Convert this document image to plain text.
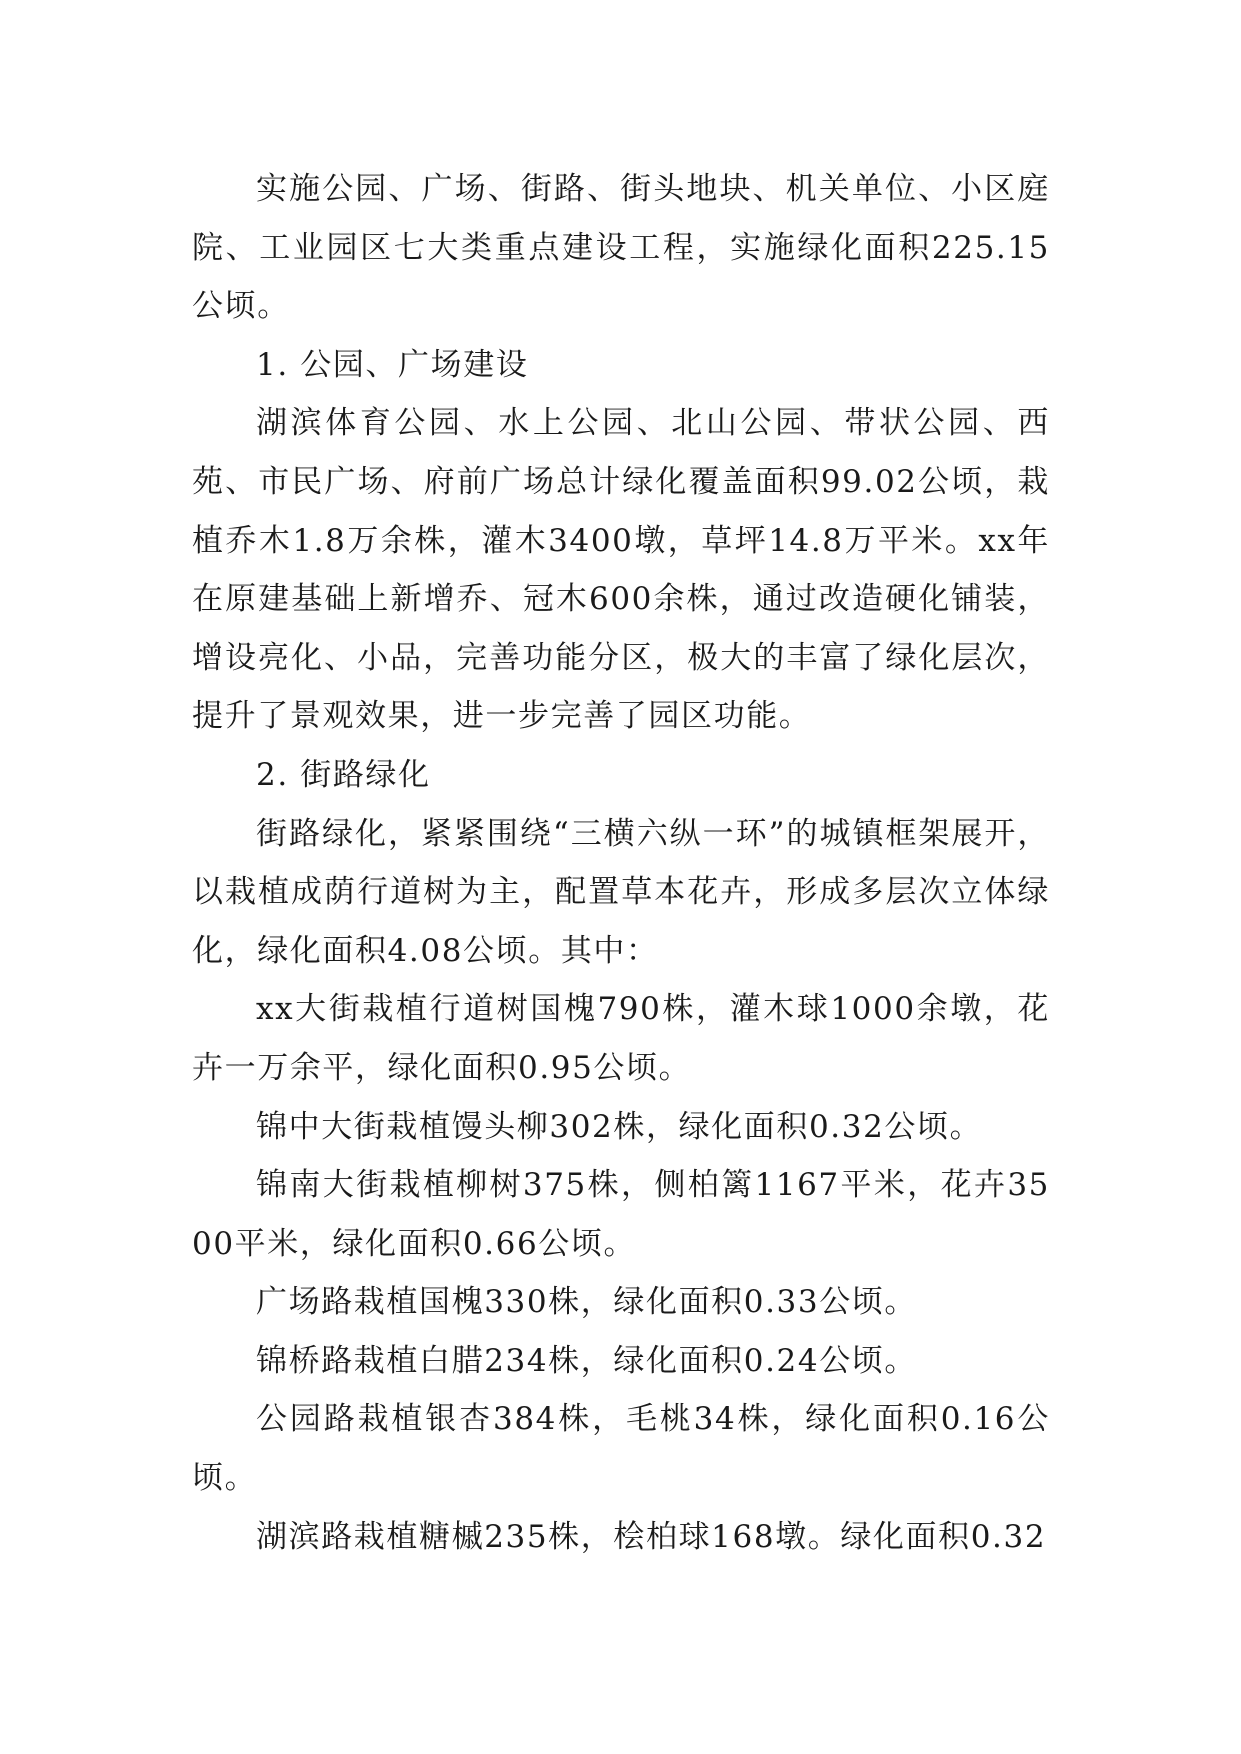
实施公园、广场、街路、街头地块、机关单位、小区庭院、工业园区七大类重点建设工程，实施绿化面积225.15公顷。

1. 公园、广场建设

湖滨体育公园、水上公园、北山公园、带状公园、西苑、市民广场、府前广场总计绿化覆盖面积99.02公顷，栽植乔木1.8万余株，灌木3400墩，草坪14.8万平米。xx年在原建基础上新增乔、冠木600余株，通过改造硬化铺装，增设亮化、小品，完善功能分区，极大的丰富了绿化层次，提升了景观效果，进一步完善了园区功能。

2. 街路绿化

街路绿化，紧紧围绕“三横六纵一环”的城镇框架展开，以栽植成荫行道树为主，配置草本花卉，形成多层次立体绿化，绿化面积4.08公顷。其中：

xx大街栽植行道树国槐790株，灌木球1000余墩，花卉一万余平，绿化面积0.95公顷。

锦中大街栽植馒头柳302株，绿化面积0.32公顷。

锦南大街栽植柳树375株，侧柏篱1167平米，花卉3500平米，绿化面积0.66公顷。

广场路栽植国槐330株，绿化面积0.33公顷。

锦桥路栽植白腊234株，绿化面积0.24公顷。

公园路栽植银杏384株，毛桃34株，绿化面积0.16公顷。

湖滨路栽植糖槭235株，桧柏球168墩。绿化面积0.32
